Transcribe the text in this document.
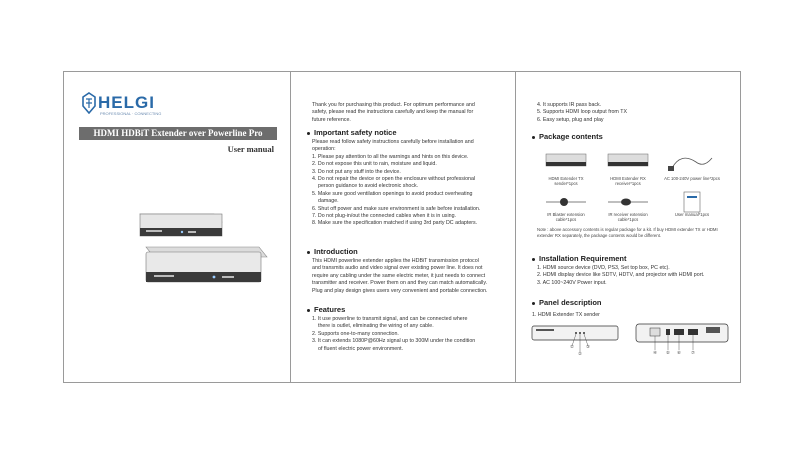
HELGI
PROFESSIONAL · CONNECTING
HDMI HDBiT Extender over Powerline Pro
User manual
Thank you for purchasing this product. For optimum performance and
safety, please read the instructions carefully and keep the manual for
future reference.
Important safety notice
Please read follow safety instructions carefully before installation and
operation:
1. Please pay attention to all the warnings and hints on this device.
2. Do not expose this unit to rain, moisture and liquid.
3. Do not put any stuff into the device.
4. Do not repair the device or open the enclosure without professional
person guidance to avoid electronic shock.
5. Make sure good ventilation openings to avoid product overheating
damage.
6. Shut off power and make sure environment is safe before installation.
7. Do not plug-in/out the connected cables when it is in using.
8. Make sure the specification matched if using 3rd party DC adapters.
Introduction
This HDMI powerline extender applies the HDBiT transmission protocol
and transmits audio and video signal over existing power line. It does not
require any cabling under the same electric meter, it just needs to connect
transmitter and receiver. Power them on and they can match automatically.
Plug and play design gives users very convenient and portable connection.
Features
1. It use powerline to transmit signal, and can be connected where
there is outlet, eliminating the wiring of any cable.
2. Supports one-to-many connection.
3. It can extends 1080P@60Hz signal up to 300M under the condition
of fluent electric power environment.
4. It supports IR pass back.
5. Supports HDMI loop output from TX
6. Easy setup, plug and play
Package contents
HDMI Extender TX sender*1pcs
HDMI Extender RX receiver*1pcs
AC 100-240V power line*2pcs
IR Blaster extension cable*1pcs
IR receiver extension cable*1pcs
User manual*1pcs
Note : above accessory contents is regular package for a kit. If buy HDMI extender TX or HDMI extender RX separately, the package contents would be different.
Installation Requirement
1. HDMI source device (DVD, PS3, Set top box, PC etc).
2. HDMI display device like SDTV, HDTV, and projector with HDMI port.
3. AC 100~240V Power input.
Panel description
1. HDMI Extender TX sender
①
②
③
④	⑤	⑥	⑦
